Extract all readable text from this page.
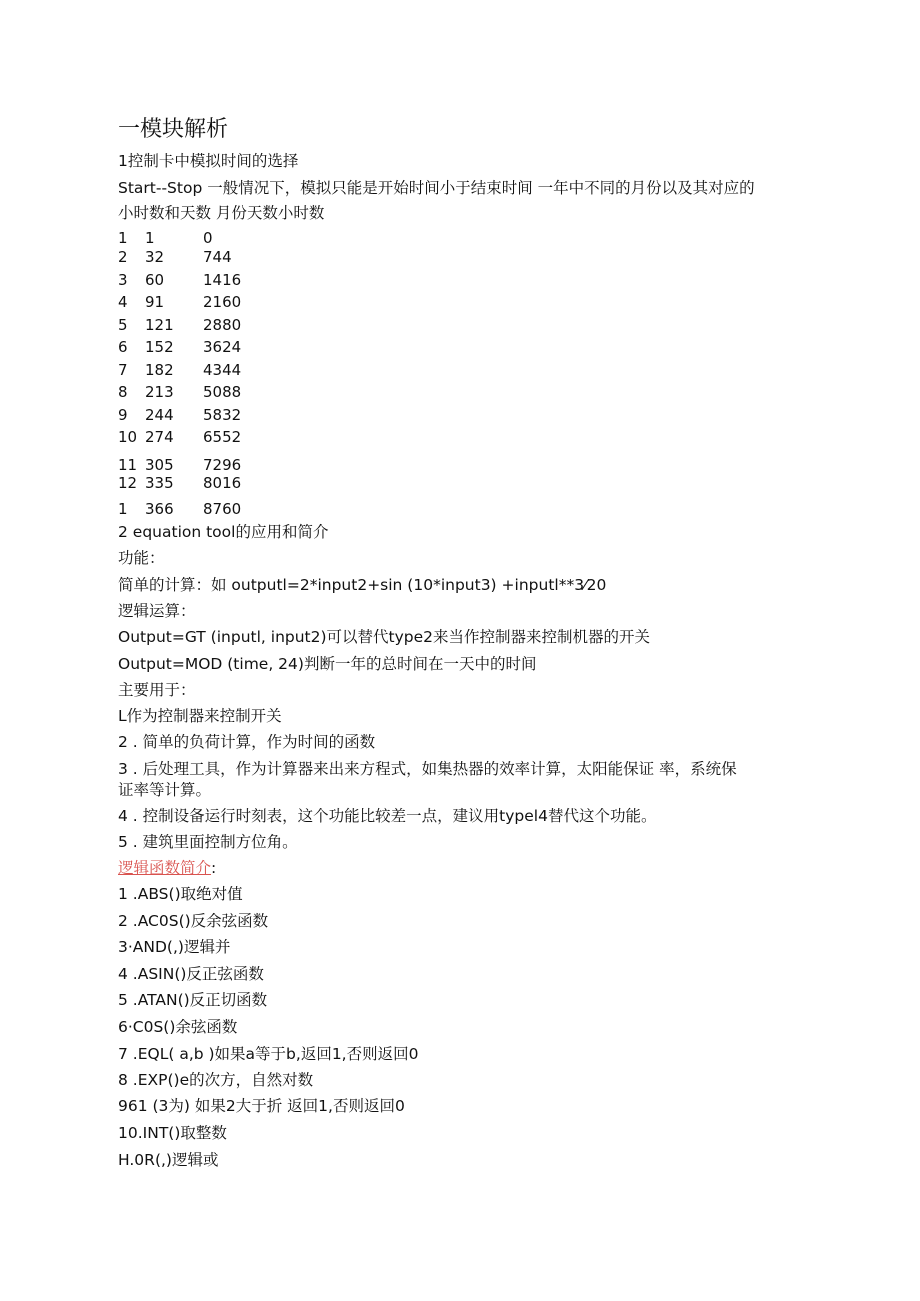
一模块解析
1控制卡中模拟时间的选择
Start--Stop 一般情况下，模拟只能是开始时间小于结束时间 一年中不同的月份以及其对应的
小时数和天数 月份天数小时数
1 1	0
2 32	744
3 60	1416
4 91	2160
5 121 2880
6 152 3624
7 182 4344
8 213 5088
9 244 5832
10 274 6552
11 305 7296
12 335 8016
1 366 8760
2 equation tool的应用和简介
功能：
简单的计算：如 outputl=2*input2+sin (10*input3) +inputl**3⁄20
逻辑运算：
Output=GT (inputl, input2)可以替代type2来当作控制器来控制机器的开关
Output=MOD (time, 24)判断一年的总时间在一天中的时间
主要用于：
L作为控制器来控制开关
2 . 简单的负荷计算，作为时间的函数
3 . 后处理工具，作为计算器来出来方程式，如集热器的效率计算，太阳能保证 率，系统保
证率等计算。
4 . 控制设备运行时刻表，这个功能比较差一点，建议用typel4替代这个功能。
5 . 建筑里面控制方位角。
逻辑函数简介:
1 .ABS()取绝对值
2 .AC0S()反余弦函数
3·AND(,)逻辑并
4 .ASIN()反正弦函数
5 .ATAN()反正切函数
6·C0S()余弦函数
7 .EQL( a,b )如果a等于b,返回1,否则返回0
8 .EXP()e的次方，自然对数
961 (3为) 如果2大于折 返回1,否则返回0
10.INT()取整数
H.0R(,)逻辑或
